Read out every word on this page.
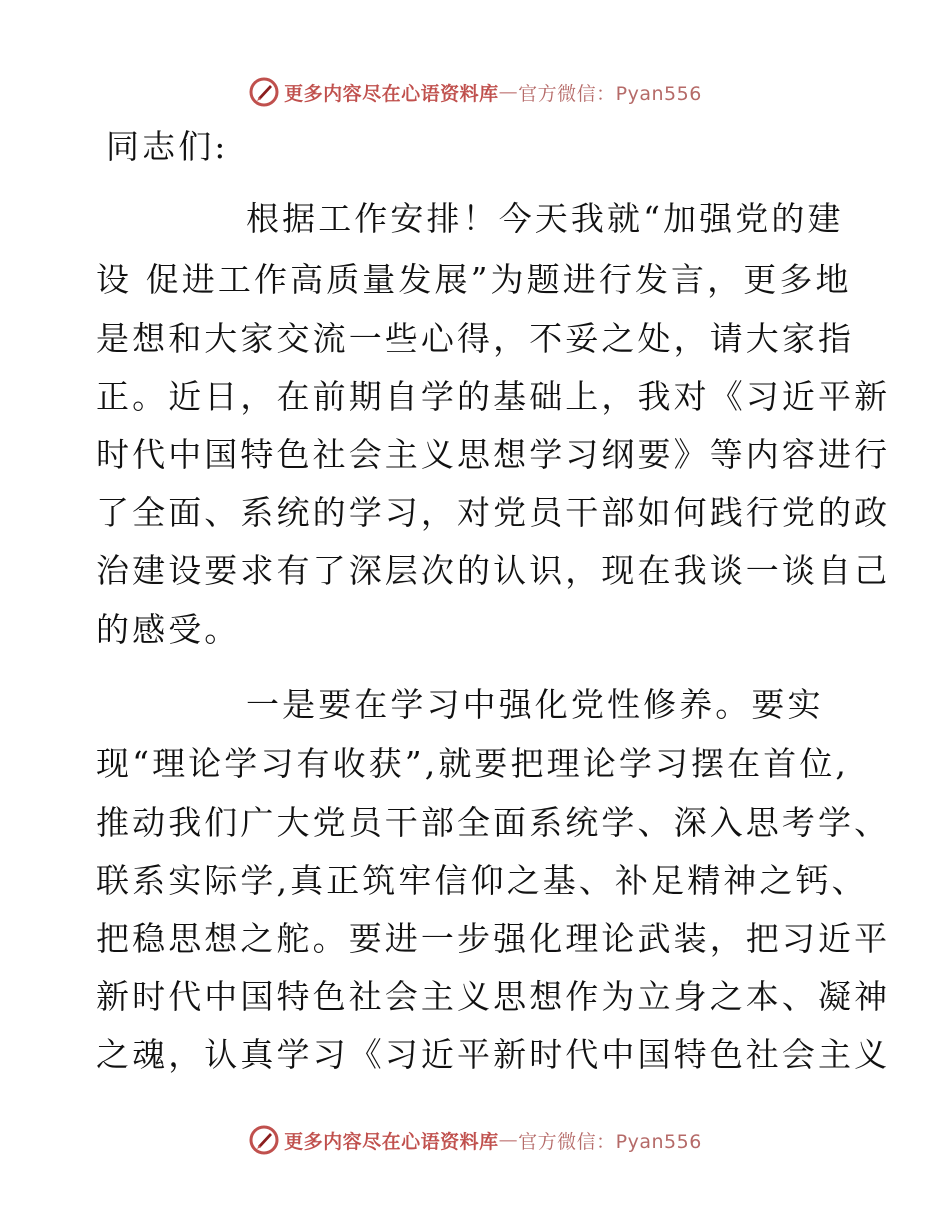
更多内容尽在心语资料库 — 官方微信：Pyan556
同志们:
根据工作安排！今天我就“加强党的建
设 促进工作高质量发展”为题进行发言，更多地
是想和大家交流一些心得，不妥之处，请大家指
正。近日，在前期自学的基础上，我对《习近平新
时代中国特色社会主义思想学习纲要》等内容进行
了全面、系统的学习，对党员干部如何践行党的政
治建设要求有了深层次的认识，现在我谈一谈自己
的感受。
一是要在学习中强化党性修养。要实
现“理论学习有收获”,就要把理论学习摆在首位,
推动我们广大党员干部全面系统学、深入思考学、
联系实际学,真正筑牢信仰之基、补足精神之钙、
把稳思想之舵。要进一步强化理论武装，把习近平
新时代中国特色社会主义思想作为立身之本、凝神
之魂，认真学习《习近平新时代中国特色社会主义
更多内容尽在心语资料库 — 官方微信：Pyan556
